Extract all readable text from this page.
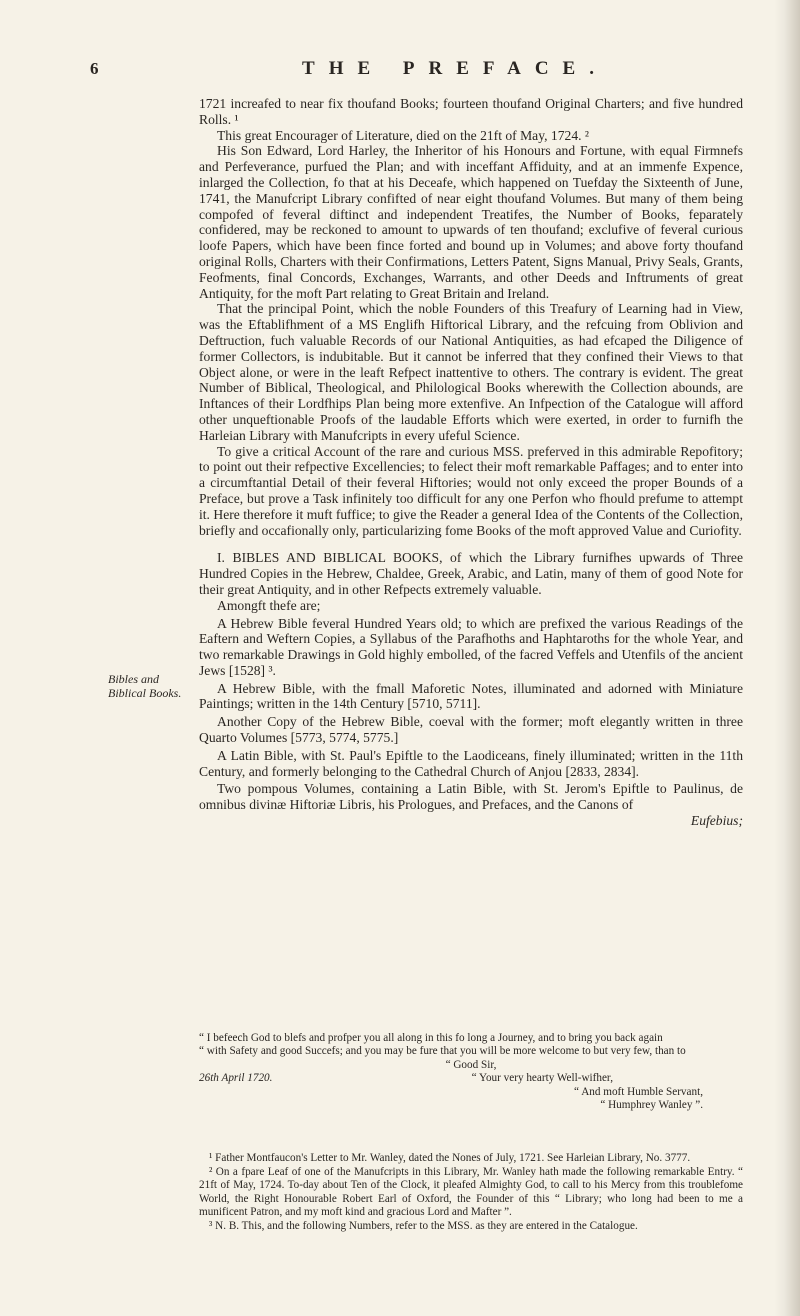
6	THE PREFACE.

1721 increafed to near fix thoufand Books; fourteen thoufand Original Charters; and five hundred Rolls. ¹

This great Encourager of Literature, died on the 21ft of May, 1724. ²

His Son Edward, Lord Harley, the Inheritor of his Honours and Fortune, with equal Firmnefs and Perfeverance, purfued the Plan; and with inceffant Affiduity, and at an immenfe Expence, inlarged the Collection, fo that at his Deceafe, which happened on Tuefday the Sixteenth of June, 1741, the Manufcript Library confifted of near eight thoufand Volumes. But many of them being compofed of feveral diftinct and independent Treatifes, the Number of Books, feparately confidered, may be reckoned to amount to upwards of ten thoufand; exclufive of feveral curious loofe Papers, which have been fince forted and bound up in Volumes; and above forty thoufand original Rolls, Charters with their Confirmations, Letters Patent, Signs Manual, Privy Seals, Grants, Feofments, final Concords, Exchanges, Warrants, and other Deeds and Inftruments of great Antiquity, for the moft Part relating to Great Britain and Ireland.

That the principal Point, which the noble Founders of this Treafury of Learning had in View, was the Eftablifhment of a MS Englifh Hiftorical Library, and the refcuing from Oblivion and Deftruction, fuch valuable Records of our National Antiquities, as had efcaped the Diligence of former Collectors, is indubitable. But it cannot be inferred that they confined their Views to that Object alone, or were in the leaft Refpect inattentive to others. The contrary is evident. The great Number of Biblical, Theological, and Philological Books wherewith the Collection abounds, are Inftances of their Lordfhips Plan being more extenfive. An Infpection of the Catalogue will afford other unqueftionable Proofs of the laudable Efforts which were exerted, in order to furnifh the Harleian Library with Manufcripts in every ufeful Science.

To give a critical Account of the rare and curious MSS. preferved in this admirable Repofitory; to point out their refpective Excellencies; to felect their moft remarkable Paffages; and to enter into a circumftantial Detail of their feveral Hiftories; would not only exceed the proper Bounds of a Preface, but prove a Task infinitely too difficult for any one Perfon who fhould prefume to attempt it. Here therefore it muft fuffice; to give the Reader a general Idea of the Contents of the Collection, briefly and occafionally only, particularizing fome Books of the moft approved Value and Curiofity.

I. BIBLES AND BIBLICAL BOOKS, of which the Library furnifhes upwards of Three Hundred Copies in the Hebrew, Chaldee, Greek, Arabic, and Latin, many of them of good Note for their great Antiquity, and in other Refpects extremely valuable.

Amongft thefe are;

A Hebrew Bible feveral Hundred Years old; to which are prefixed the various Readings of the Eaftern and Weftern Copies, a Syllabus of the Parafhoths and Haphtaroths for the whole Year, and two remarkable Drawings in Gold highly embolled, of the facred Veffels and Utenfils of the ancient Jews [1528] ³.

A Hebrew Bible, with the fmall Maforetic Notes, illuminated and adorned with Miniature Paintings; written in the 14th Century [5710, 5711].

Another Copy of the Hebrew Bible, coeval with the former; moft elegantly written in three Quarto Volumes [5773, 5774, 5775.]

A Latin Bible, with St. Paul's Epiftle to the Laodiceans, finely illuminated; written in the 11th Century, and formerly belonging to the Cathedral Church of Anjou [2833, 2834].

Two pompous Volumes, containing a Latin Bible, with St. Jerom's Epiftle to Paulinus, de omnibus divinæ Hiftoriæ Libris, his Prologues, and Prefaces, and the Canons of

Eufebius;

Bibles and Biblical Books.
“ I befeech God to blefs and profper you all along in this fo long a Journey, and to bring you back again
“ with Safety and good Succefs; and you may be fure that you will be more welcome to but very few, than to
“ Good Sir,
26th April 1720.	“ Your very hearty Well-wifher,
“ And moft Humble Servant,
“ Humphrey Wanley ”.

¹ Father Montfaucon's Letter to Mr. Wanley, dated the Nones of July, 1721. See Harleian Library, No. 3777.

² On a fpare Leaf of one of the Manufcripts in this Library, Mr. Wanley hath made the following remarkable Entry. “ 21ft of May, 1724. To-day about Ten of the Clock, it pleafed Almighty God, to call to his Mercy from this troublefome World, the Right Honourable Robert Earl of Oxford, the Founder of this “ Library; who long had been to me a munificent Patron, and my moft kind and gracious Lord and Mafter ”.

³ N. B. This, and the following Numbers, refer to the MSS. as they are entered in the Catalogue.
